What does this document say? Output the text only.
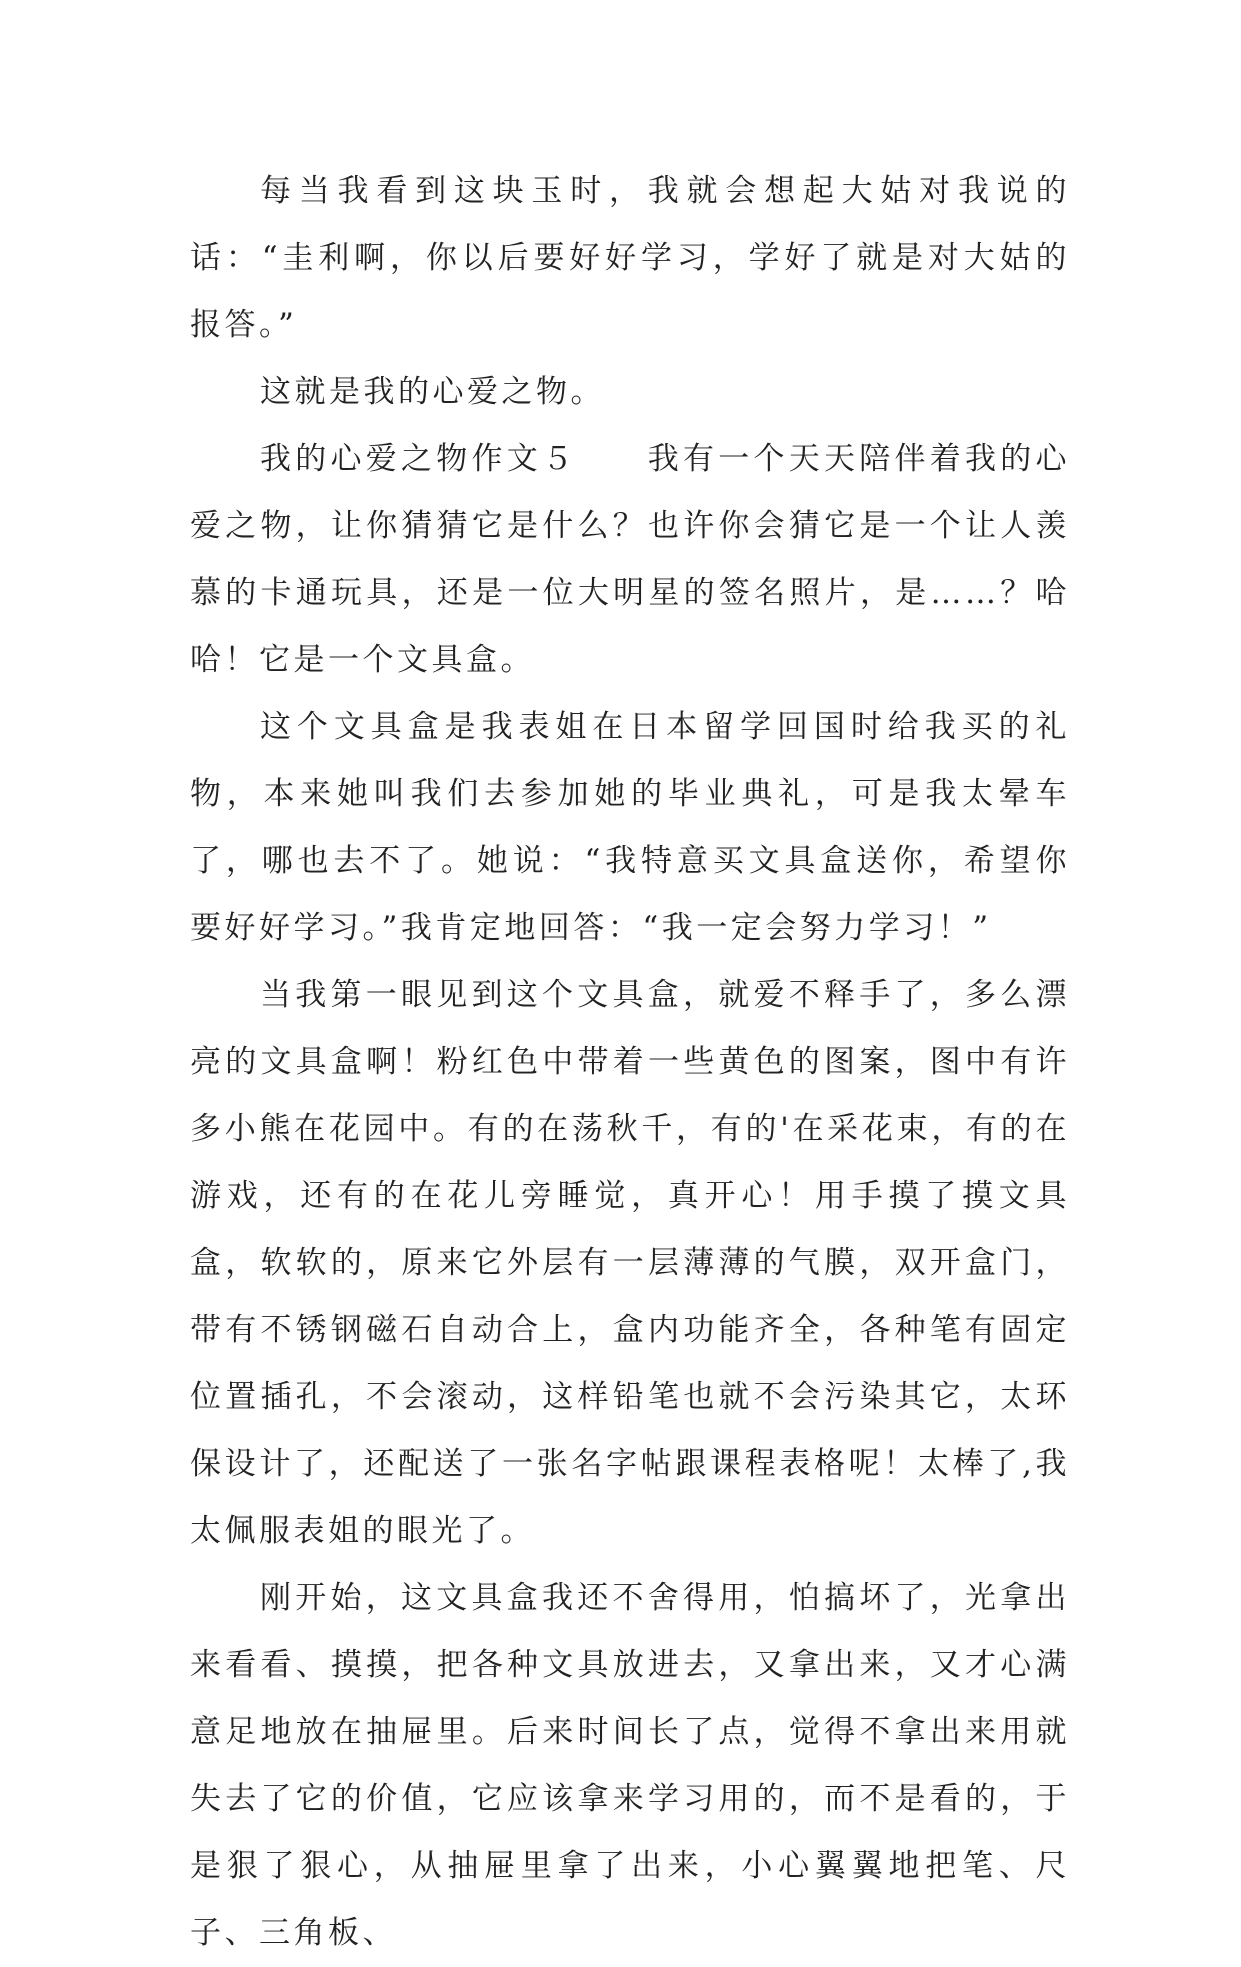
每当我看到这块玉时，我就会想起大姑对我说的话：“圭利啊，你以后要好好学习，学好了就是对大姑的报答。”

这就是我的心爱之物。

我的心爱之物作文５　　我有一个天天陪伴着我的心爱之物，让你猜猜它是什么？也许你会猜它是一个让人羡慕的卡通玩具，还是一位大明星的签名照片，是……？哈哈！它是一个文具盒。

这个文具盒是我表姐在日本留学回国时给我买的礼物，本来她叫我们去参加她的毕业典礼，可是我太晕车了，哪也去不了。她说：“我特意买文具盒送你，希望你要好好学习。”我肯定地回答：“我一定会努力学习！”

当我第一眼见到这个文具盒，就爱不释手了，多么漂亮的文具盒啊！粉红色中带着一些黄色的图案，图中有许多小熊在花园中。有的在荡秋千，有的'在采花束，有的在游戏，还有的在花儿旁睡觉，真开心！用手摸了摸文具盒，软软的，原来它外层有一层薄薄的气膜，双开盒门，带有不锈钢磁石自动合上，盒内功能齐全，各种笔有固定位置插孔，不会滚动，这样铅笔也就不会污染其它，太环保设计了，还配送了一张名字帖跟课程表格呢！太棒了,我太佩服表姐的眼光了。

刚开始，这文具盒我还不舍得用，怕搞坏了，光拿出来看看、摸摸，把各种文具放进去，又拿出来，又才心满意足地放在抽屉里。后来时间长了点，觉得不拿出来用就失去了它的价值，它应该拿来学习用的，而不是看的，于是狠了狠心，从抽屉里拿了出来，小心翼翼地把笔、尺子、三角板、
